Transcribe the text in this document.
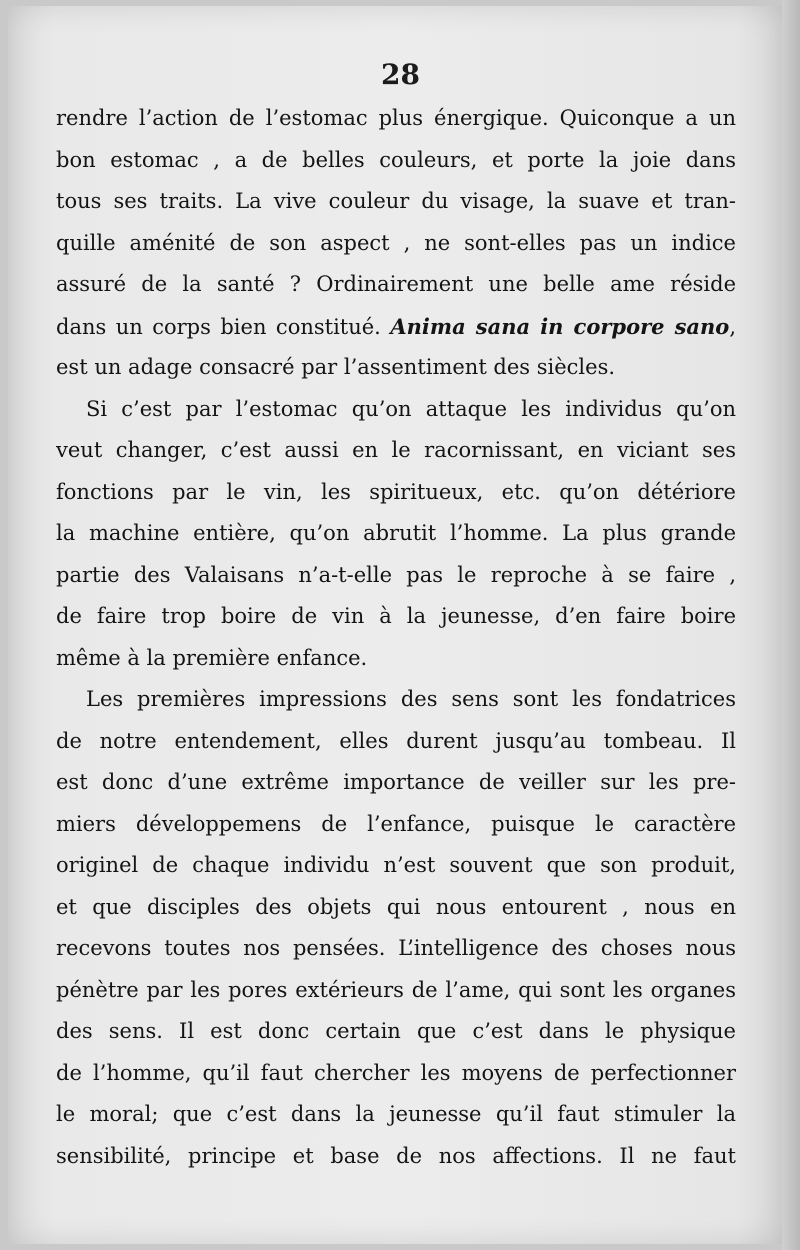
28
rendre l’action de l’estomac plus énergique. Quiconque a un
bon estomac , a de belles couleurs, et porte la joie dans
tous ses traits. La vive couleur du visage, la suave et tran-
quille aménité de son aspect , ne sont-elles pas un indice
assuré de la santé ? Ordinairement une belle ame réside
dans un corps bien constitué. Anima sana in corpore sano,
est un adage consacré par l’assentiment des siècles.
Si c’est par l’estomac qu’on attaque les individus qu’on
veut changer, c’est aussi en le racornissant, en viciant ses
fonctions par le vin, les spiritueux, etc. qu’on détériore
la machine entière, qu’on abrutit l’homme. La plus grande
partie des Valaisans n’a-t-elle pas le reproche à se faire ,
de faire trop boire de vin à la jeunesse, d’en faire boire
même à la première enfance.
Les premières impressions des sens sont les fondatrices
de notre entendement, elles durent jusqu’au tombeau. Il
est donc d’une extrême importance de veiller sur les pre-
miers développemens de l’enfance, puisque le caractère
originel de chaque individu n’est souvent que son produit,
et que disciples des objets qui nous entourent , nous en
recevons toutes nos pensées. L’intelligence des choses nous
pénètre par les pores extérieurs de l’ame, qui sont les organes
des sens. Il est donc certain que c’est dans le physique
de l’homme, qu’il faut chercher les moyens de perfectionner
le moral; que c’est dans la jeunesse qu’il faut stimuler la
sensibilité, principe et base de nos affections. Il ne faut
